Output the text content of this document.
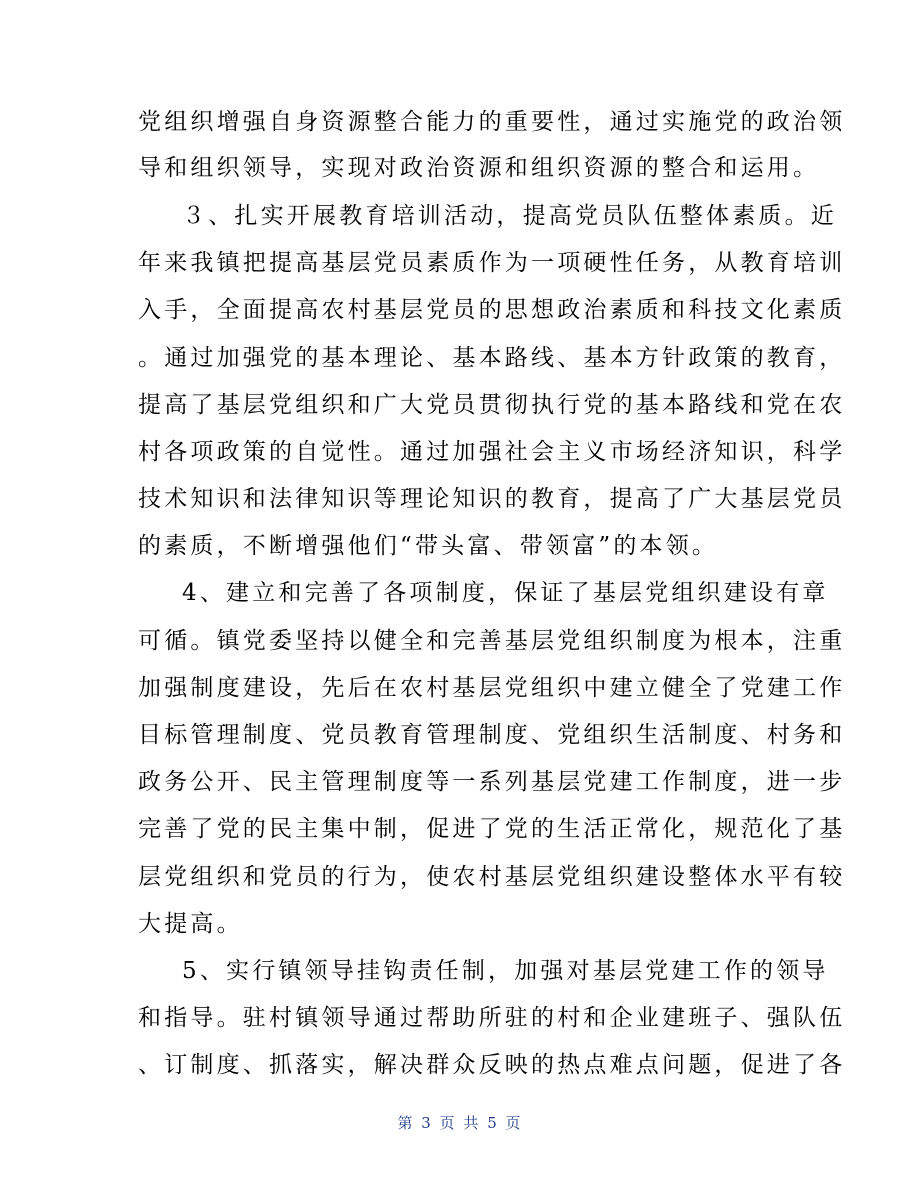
党组织增强自身资源整合能力的重要性，通过实施党的政治领
导和组织领导，实现对政治资源和组织资源的整合和运用。
３、扎实开展教育培训活动，提高党员队伍整体素质。近
年来我镇把提高基层党员素质作为一项硬性任务，从教育培训
入手，全面提高农村基层党员的思想政治素质和科技文化素质
。通过加强党的基本理论、基本路线、基本方针政策的教育，
提高了基层党组织和广大党员贯彻执行党的基本路线和党在农
村各项政策的自觉性。通过加强社会主义市场经济知识，科学
技术知识和法律知识等理论知识的教育，提高了广大基层党员
的素质，不断增强他们“带头富、带领富”的本领。
4、建立和完善了各项制度，保证了基层党组织建设有章
可循。镇党委坚持以健全和完善基层党组织制度为根本，注重
加强制度建设，先后在农村基层党组织中建立健全了党建工作
目标管理制度、党员教育管理制度、党组织生活制度、村务和
政务公开、民主管理制度等一系列基层党建工作制度，进一步
完善了党的民主集中制，促进了党的生活正常化，规范化了基
层党组织和党员的行为，使农村基层党组织建设整体水平有较
大提高。
5、实行镇领导挂钩责任制，加强对基层党建工作的领导
和指导。驻村镇领导通过帮助所驻的村和企业建班子、强队伍
、订制度、抓落实，解决群众反映的热点难点问题，促进了各
第 3 页 共 5 页
